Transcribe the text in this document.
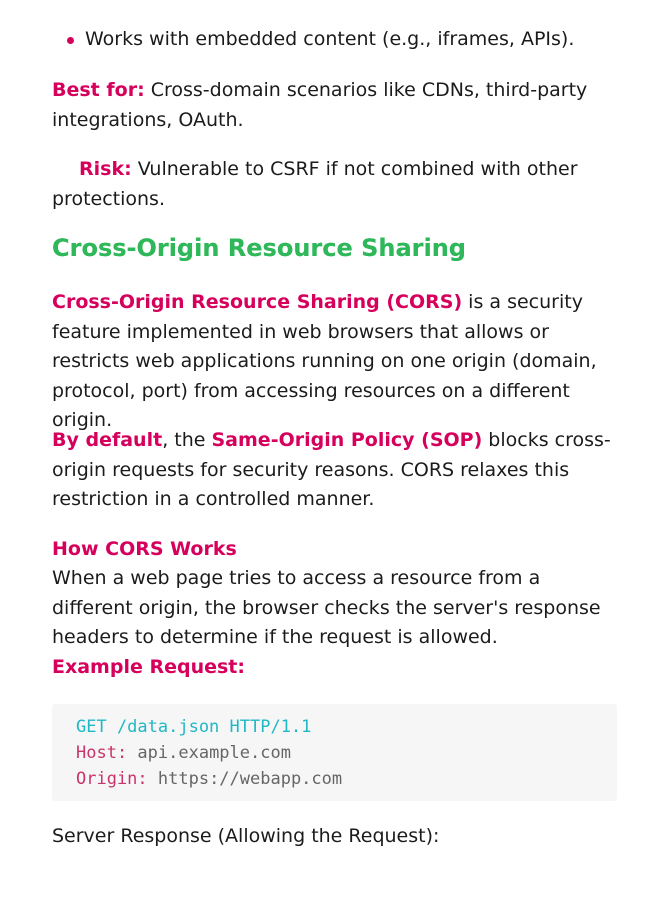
Works with embedded content (e.g., iframes, APIs).

Best for: Cross-domain scenarios like CDNs, third-party integrations, OAuth.

Risk: Vulnerable to CSRF if not combined with other protections.

Cross-Origin Resource Sharing

Cross-Origin Resource Sharing (CORS) is a security feature implemented in web browsers that allows or restricts web applications running on one origin (domain, protocol, port) from accessing resources on a different origin.

By default, the Same-Origin Policy (SOP) blocks cross-origin requests for security reasons. CORS relaxes this restriction in a controlled manner.

How CORS Works

When a web page tries to access a resource from a different origin, the browser checks the server's response headers to determine if the request is allowed.

Example Request:

GET /data.json HTTP/1.1
Host: api.example.com
Origin: https://webapp.com

Server Response (Allowing the Request):
